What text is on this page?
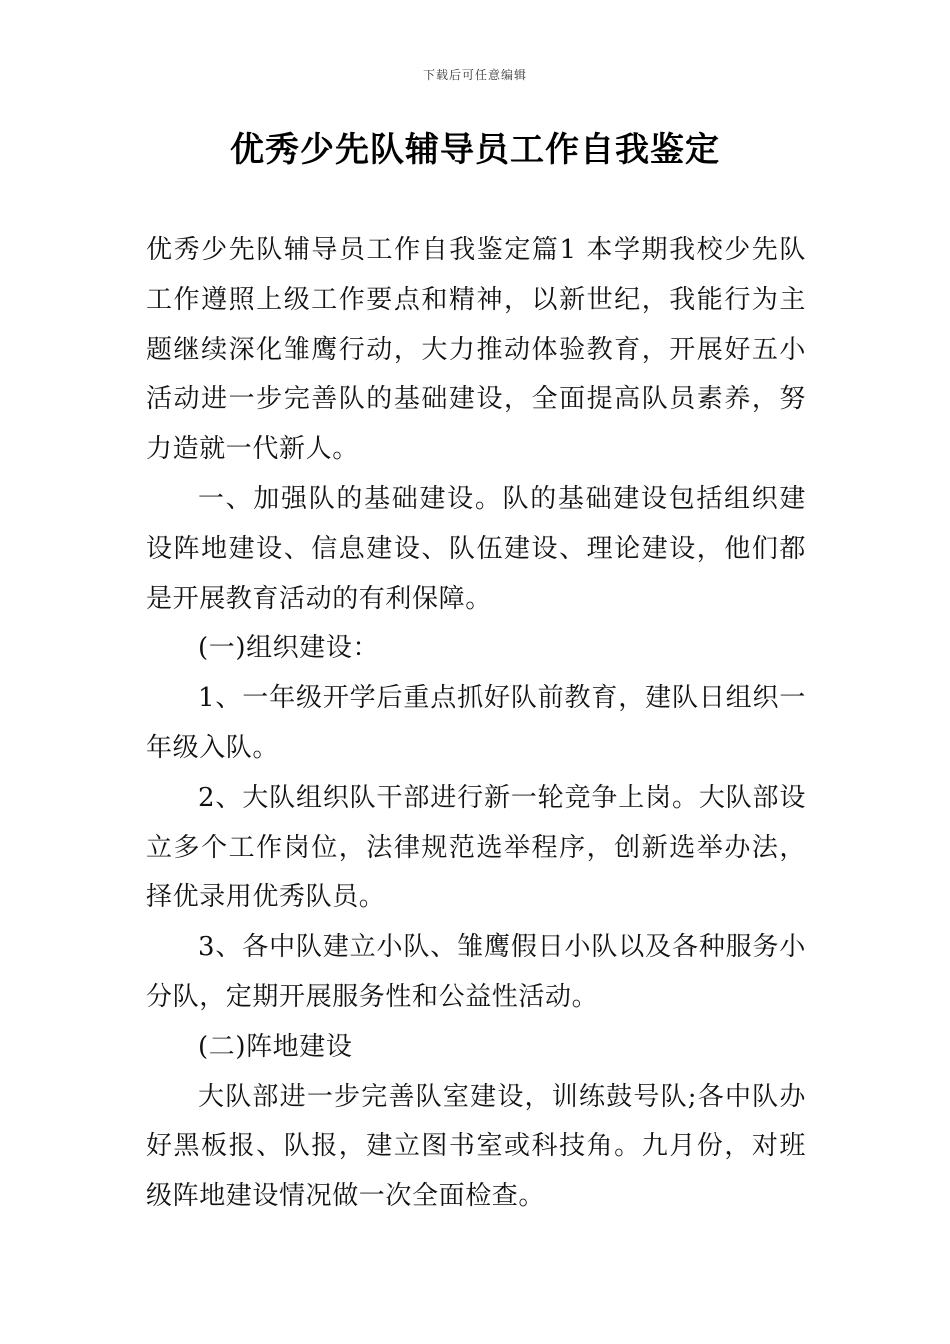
下载后可任意编辑
优秀少先队辅导员工作自我鉴定

优秀少先队辅导员工作自我鉴定篇1 本学期我校少先队工作遵照上级工作要点和精神，以新世纪，我能行为主题继续深化雏鹰行动，大力推动体验教育，开展好五小活动进一步完善队的基础建设，全面提高队员素养，努力造就一代新人。

一、加强队的基础建设。队的基础建设包括组织建设阵地建设、信息建设、队伍建设、理论建设，他们都是开展教育活动的有利保障。

(一)组织建设：

1、一年级开学后重点抓好队前教育，建队日组织一年级入队。

2、大队组织队干部进行新一轮竞争上岗。大队部设立多个工作岗位，法律规范选举程序，创新选举办法，择优录用优秀队员。

3、各中队建立小队、雏鹰假日小队以及各种服务小分队，定期开展服务性和公益性活动。

(二)阵地建设

大队部进一步完善队室建设，训练鼓号队;各中队办好黑板报、队报，建立图书室或科技角。九月份，对班级阵地建设情况做一次全面检查。
